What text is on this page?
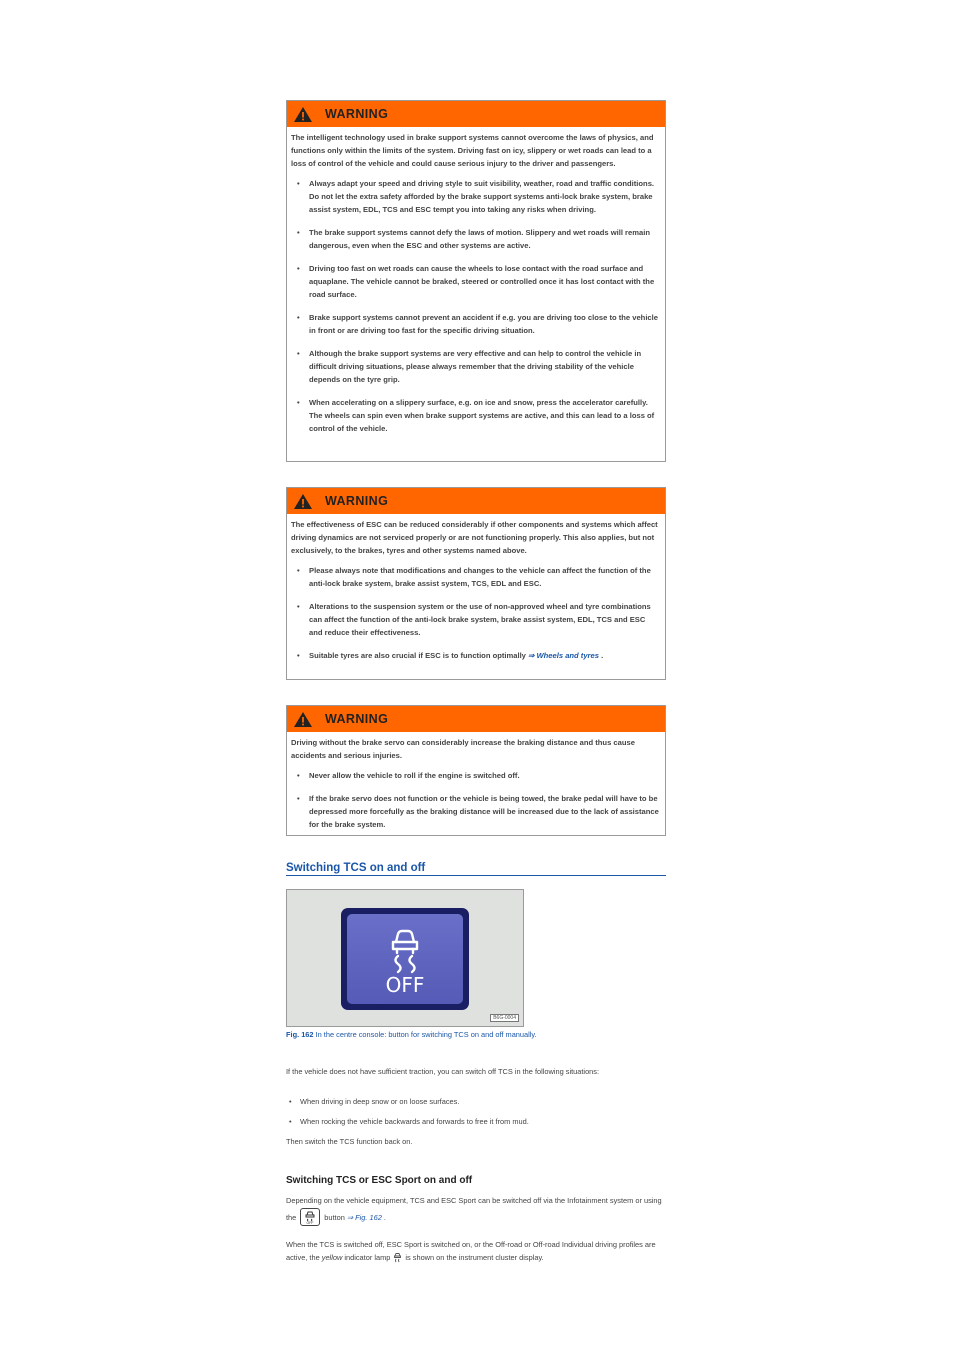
WARNING

The intelligent technology used in brake support systems cannot overcome the laws of physics, and functions only within the limits of the system. Driving fast on icy, slippery or wet roads can lead to a loss of control of the vehicle and could cause serious injury to the driver and passengers.

• Always adapt your speed and driving style to suit visibility, weather, road and traffic conditions. Do not let the extra safety afforded by the brake support systems anti-lock brake system, brake assist system, EDL, TCS and ESC tempt you into taking any risks when driving.
• The brake support systems cannot defy the laws of motion. Slippery and wet roads will remain dangerous, even when the ESC and other systems are active.
• Driving too fast on wet roads can cause the wheels to lose contact with the road surface and aquaplane. The vehicle cannot be braked, steered or controlled once it has lost contact with the road surface.
• Brake support systems cannot prevent an accident if e.g. you are driving too close to the vehicle in front or are driving too fast for the specific driving situation.
• Although the brake support systems are very effective and can help to control the vehicle in difficult driving situations, please always remember that the driving stability of the vehicle depends on the tyre grip.
• When accelerating on a slippery surface, e.g. on ice and snow, press the accelerator carefully. The wheels can spin even when brake support systems are active, and this can lead to a loss of control of the vehicle.
WARNING

The effectiveness of ESC can be reduced considerably if other components and systems which affect driving dynamics are not serviced properly or are not functioning properly. This also applies, but not exclusively, to the brakes, tyres and other systems named above.

• Please always note that modifications and changes to the vehicle can affect the function of the anti-lock brake system, brake assist system, TCS, EDL and ESC.
• Alterations to the suspension system or the use of non-approved wheel and tyre combinations can affect the function of the anti-lock brake system, brake assist system, EDL, TCS and ESC and reduce their effectiveness.
• Suitable tyres are also crucial if ESC is to function optimally ⇒ Wheels and tyres .
WARNING

Driving without the brake servo can considerably increase the braking distance and thus cause accidents and serious injuries.

• Never allow the vehicle to roll if the engine is switched off.
• If the brake servo does not function or the vehicle is being towed, the brake pedal will have to be depressed more forcefully as the braking distance will be increased due to the lack of assistance for the brake system.
Switching TCS on and off
OFF
B6G-0004
Fig. 162 In the centre console: button for switching TCS on and off manually.
If the vehicle does not have sufficient traction, you can switch off TCS in the following situations:
• When driving in deep snow or on loose surfaces.
• When rocking the vehicle backwards and forwards to free it from mud.
Then switch the TCS function back on.
Switching TCS or ESC Sport on and off
Depending on the vehicle equipment, TCS and ESC Sport can be switched off via the Infotainment system or using the
OFF
button ⇒ Fig. 162 .
When the TCS is switched off, ESC Sport is switched on, or the Off-road or Off-road Individual driving profiles are active, the yellow indicator lamp is shown on the instrument cluster display.
